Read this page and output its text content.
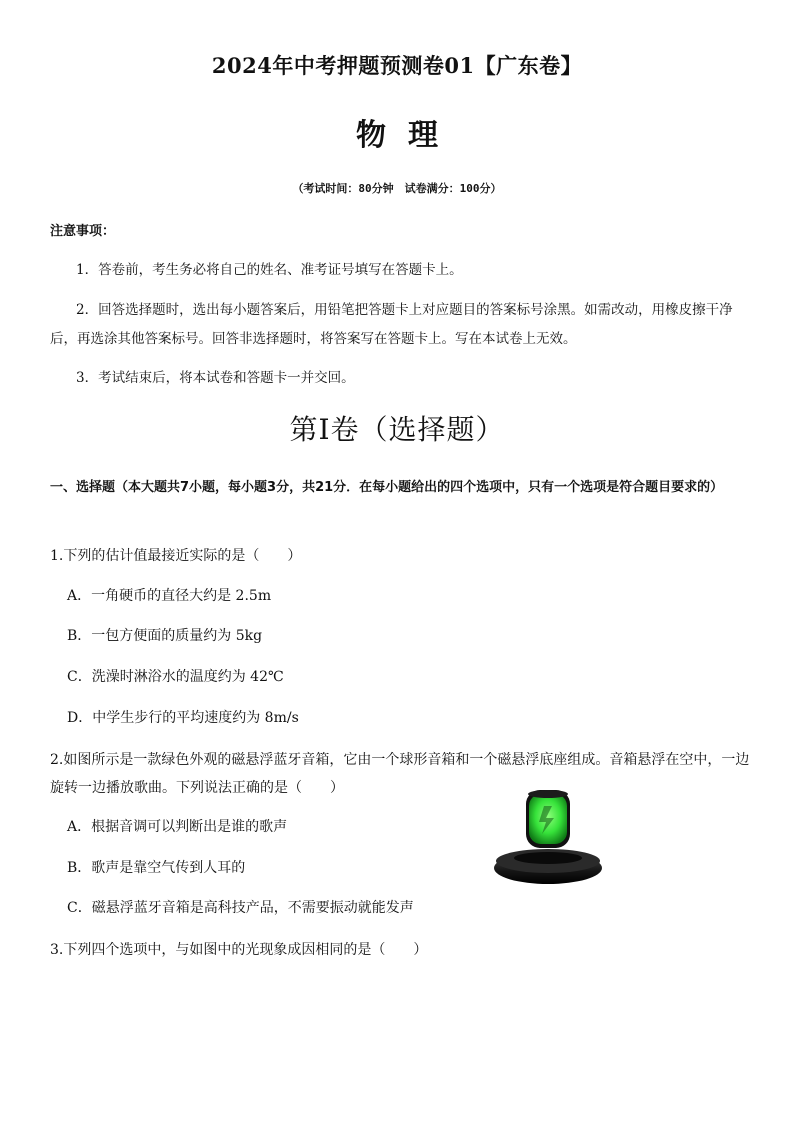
2024年中考押题预测卷01【广东卷】
物理
（考试时间：80分钟　试卷满分：100分）
注意事项：
1．答卷前，考生务必将自己的姓名、准考证号填写在答题卡上。
2．回答选择题时，选出每小题答案后，用铅笔把答题卡上对应题目的答案标号涂黑。如需改动，用橡皮擦干净后，再选涂其他答案标号。回答非选择题时，将答案写在答题卡上。写在本试卷上无效。
3．考试结束后，将本试卷和答题卡一并交回。
第Ⅰ卷（选择题）
一、选择题（本大题共7小题，每小题3分，共21分．在每小题给出的四个选项中，只有一个选项是符合题目要求的）
1.下列的估计值最接近实际的是（　　）
A．一角硬币的直径大约是 2.5m
B．一包方便面的质量约为 5kg
C．洗澡时淋浴水的温度约为 42℃
D．中学生步行的平均速度约为 8m/s
2.如图所示是一款绿色外观的磁悬浮蓝牙音箱，它由一个球形音箱和一个磁悬浮底座组成。音箱悬浮在空中，一边旋转一边播放歌曲。下列说法正确的是（　　）
A．根据音调可以判断出是谁的歌声
B．歌声是靠空气传到人耳的
C．磁悬浮蓝牙音箱是高科技产品，不需要振动就能发声
3.下列四个选项中，与如图中的光现象成因相同的是（　　）
